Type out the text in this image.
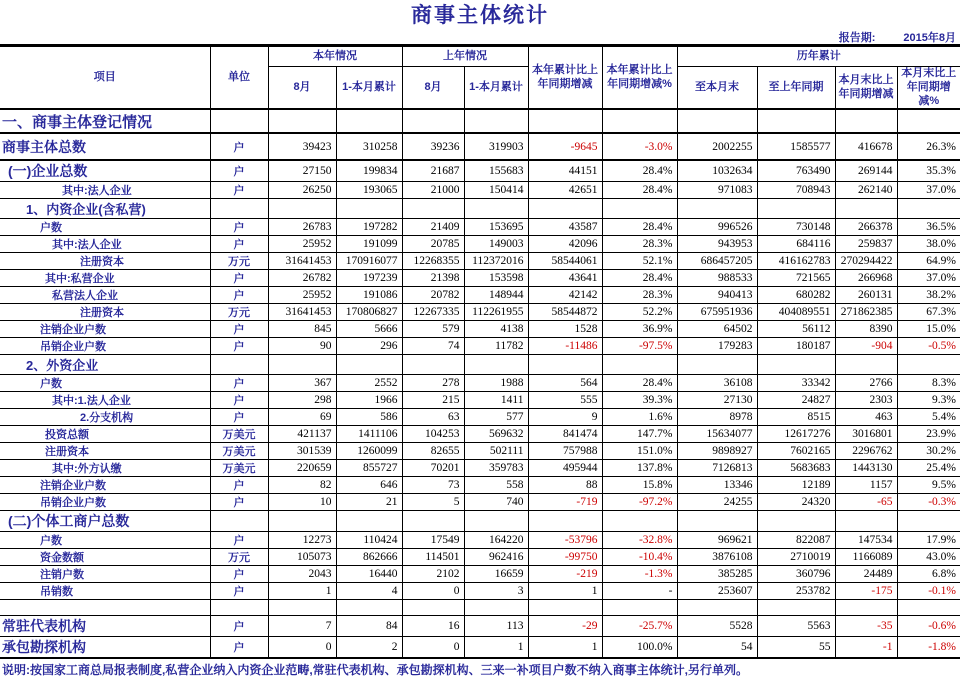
商事主体统计
报告期:	2015年8月
项目	单位	本年情况		上年情况		本年累计比上年同期增减	本年累计比上年同期增减%	历年累计			
		8月	1-本月累计	8月	1-本月累计			至本月末	至上年同期	本月末比上年同期增减	本月末比上年同期增减%
一、商事主体登记情况											
商事主体总数	户	39423	310258	39236	319903	-9645	-3.0%	2002255	1585577	416678	26.3%
(一)企业总数	户	27150	199834	21687	155683	44151	28.4%	1032634	763490	269144	35.3%
其中:法人企业	户	26250	193065	21000	150414	42651	28.4%	971083	708943	262140	37.0%
1、内资企业(含私营)											
户数	户	26783	197282	21409	153695	43587	28.4%	996526	730148	266378	36.5%
其中:法人企业	户	25952	191099	20785	149003	42096	28.3%	943953	684116	259837	38.0%
注册资本	万元	31641453	170916077	12268355	112372016	58544061	52.1%	686457205	416162783	270294422	64.9%
其中:私营企业	户	26782	197239	21398	153598	43641	28.4%	988533	721565	266968	37.0%
私营法人企业	户	25952	191086	20782	148944	42142	28.3%	940413	680282	260131	38.2%
注册资本	万元	31641453	170806827	12267335	112261955	58544872	52.2%	675951936	404089551	271862385	67.3%
注销企业户数	户	845	5666	579	4138	1528	36.9%	64502	56112	8390	15.0%
吊销企业户数	户	90	296	74	11782	-11486	-97.5%	179283	180187	-904	-0.5%
2、外资企业											
户数	户	367	2552	278	1988	564	28.4%	36108	33342	2766	8.3%
其中:1.法人企业	户	298	1966	215	1411	555	39.3%	27130	24827	2303	9.3%
2.分支机构	户	69	586	63	577	9	1.6%	8978	8515	463	5.4%
投资总额	万美元	421137	1411106	104253	569632	841474	147.7%	15634077	12617276	3016801	23.9%
注册资本	万美元	301539	1260099	82655	502111	757988	151.0%	9898927	7602165	2296762	30.2%
其中:外方认缴	万美元	220659	855727	70201	359783	495944	137.8%	7126813	5683683	1443130	25.4%
注销企业户数	户	82	646	73	558	88	15.8%	13346	12189	1157	9.5%
吊销企业户数	户	10	21	5	740	-719	-97.2%	24255	24320	-65	-0.3%
(二)个体工商户总数											
户数	户	12273	110424	17549	164220	-53796	-32.8%	969621	822087	147534	17.9%
资金数额	万元	105073	862666	114501	962416	-99750	-10.4%	3876108	2710019	1166089	43.0%
注销户数	户	2043	16440	2102	16659	-219	-1.3%	385285	360796	24489	6.8%
吊销数	户	1	4	0	3	1	-	253607	253782	-175	-0.1%

常驻代表机构	户	7	84	16	113	-29	-25.7%	5528	5563	-35	-0.6%
承包勘探机构	户	0	2	0	1	1	100.0%	54	55	-1	-1.8%
说明:按国家工商总局报表制度,私营企业纳入内资企业范畴,常驻代表机构、承包勘探机构、三来一补项目户数不纳入商事主体统计,另行单列。
